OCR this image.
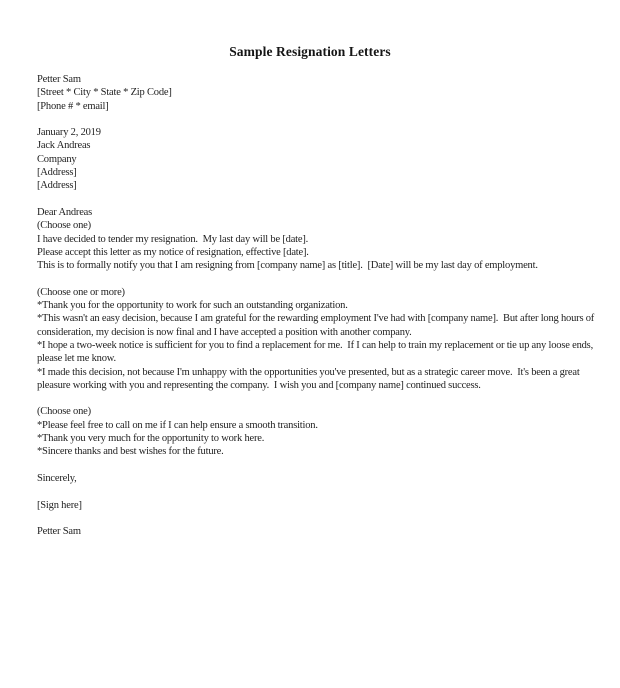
Sample Resignation Letters
Petter Sam
[Street * City * State * Zip Code]
[Phone # * email]
January 2, 2019
Jack Andreas
Company
[Address]
[Address]
Dear Andreas
(Choose one)
I have decided to tender my resignation.  My last day will be [date].
Please accept this letter as my notice of resignation, effective [date].
This is to formally notify you that I am resigning from [company name] as [title].  [Date] will be my last day of employment.
(Choose one or more)
*Thank you for the opportunity to work for such an outstanding organization.
*This wasn't an easy decision, because I am grateful for the rewarding employment I've had with [company name].  But after long hours of consideration, my decision is now final and I have accepted a position with another company.
*I hope a two-week notice is sufficient for you to find a replacement for me.  If I can help to train my replacement or tie up any loose ends, please let me know.
*I made this decision, not because I'm unhappy with the opportunities you've presented, but as a strategic career move.  It's been a great pleasure working with you and representing the company.  I wish you and [company name] continued success.
(Choose one)
*Please feel free to call on me if I can help ensure a smooth transition.
*Thank you very much for the opportunity to work here.
*Sincere thanks and best wishes for the future.
Sincerely,
[Sign here]
Petter Sam
